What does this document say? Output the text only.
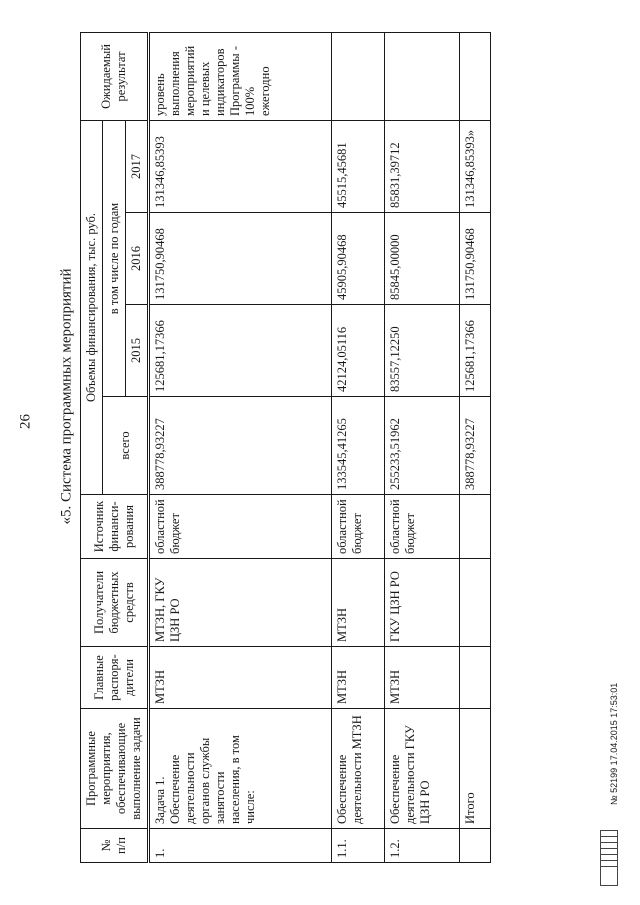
26 «5. Система программных мероприятий
№ п/п	Программные мероприятия, обеспечивающие выполнение задачи	Главные распоря-дители	Получатели бюджетных средств	Источник финанси-рования	Объемы финансирования, тыс. руб.				Ожидаемый результат
					всего	в том числе по годам			
						2015	2016	2017	
1.	Задача 1. Обеспечение деятельности органов службы занятости населения, в том числе:	МТЗН	МТЗН, ГКУ ЦЗН РО	областной бюджет	388778,93227	125681,17366	131750,90468	131346,85393	уровень выполнения мероприятий и целевых индикаторов Программы - 100% ежегодно
1.1.	Обеспечение деятельности МТЗН	МТЗН	МТЗН	областной бюджет	133545,41265	42124,05116	45905,90468	45515,45681	
1.2.	Обеспечение деятельности ГКУ ЦЗН РО	МТЗН	ГКУ ЦЗН РО	областной бюджет	255233,51962	83557,12250	85845,00000	85831,39712	
	Итого				388778,93227	125681,17366	131750,90468	131346,85393»	
№ 52199 17.04.2015 17:53:01
